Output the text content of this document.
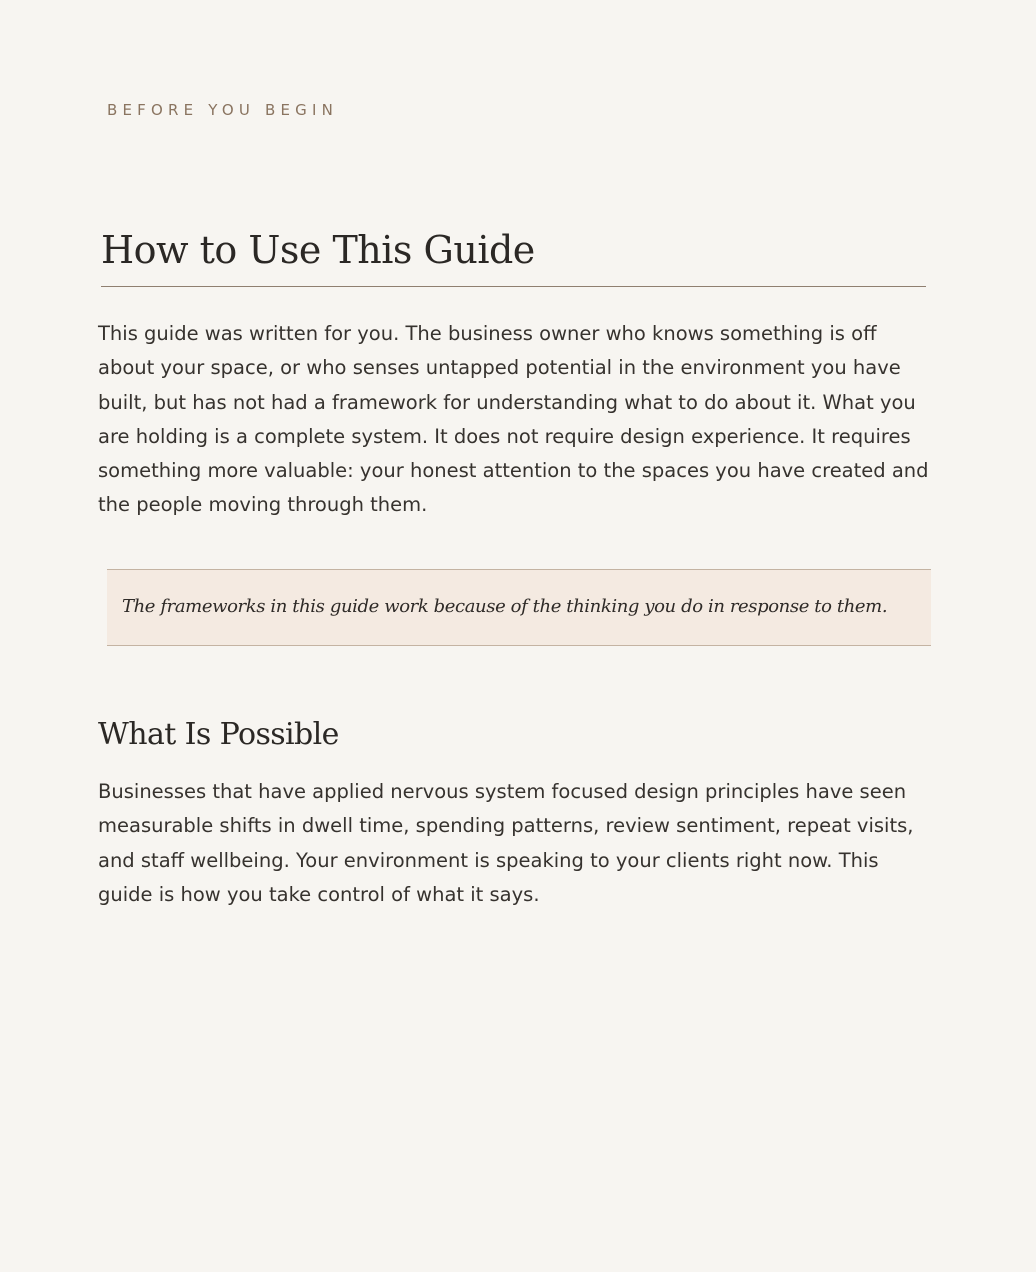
BEFORE YOU BEGIN
How to Use This Guide

This guide was written for you. The business owner who knows something is off about your space, or who senses untapped potential in the environment you have built, but has not had a framework for understanding what to do about it. What you are holding is a complete system. It does not require design experience. It requires something more valuable: your honest attention to the spaces you have created and the people moving through them.

The frameworks in this guide work because of the thinking you do in response to them.
What Is Possible

Businesses that have applied nervous system focused design principles have seen measurable shifts in dwell time, spending patterns, review sentiment, repeat visits, and staff wellbeing. Your environment is speaking to your clients right now. This guide is how you take control of what it says.
